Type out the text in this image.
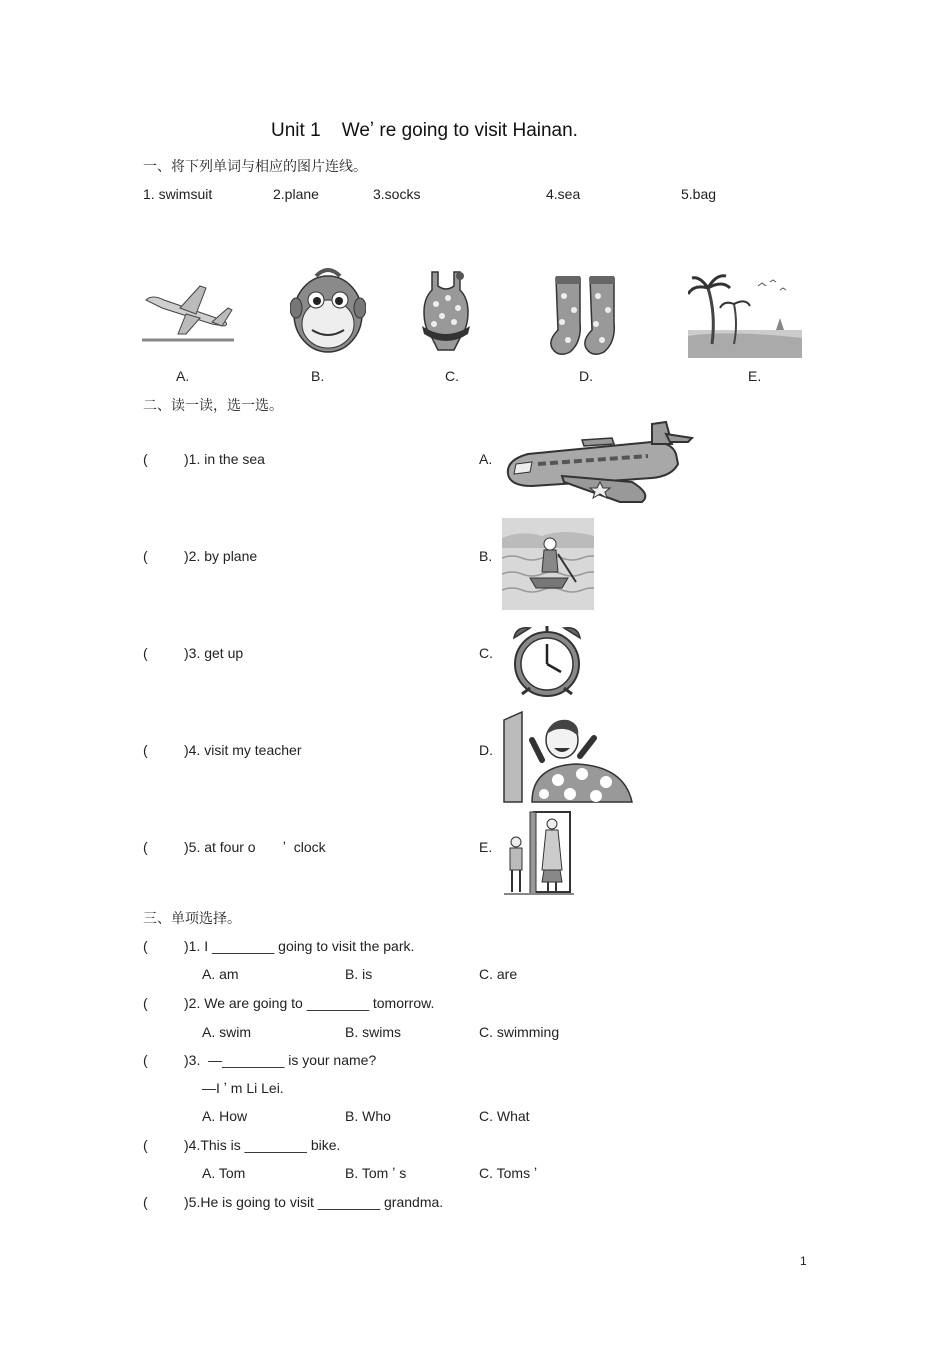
Unit 1    Weʼ re going to visit Hainan.
一、将下列单词与相应的图片连线。
1. swimsuit	2.plane	3.socks	4.sea	5.bag
A.	B.	C.	D.	E.
二、读一读，选一选。
(	)1. in the sea
(	)2. by plane
(	)3. get up
(	)4. visit my teacher
(	)5. at four o       ʼ  clock
A.
B.
C.
D.
E.
三、单项选择。
(	)1. I ________ going to visit the park.
A. am	B. is	C. are
(	)2. We are going to ________ tomorrow.
A. swim	B. swims	C. swimming
(	)3.  —________ is your name?
—I ʼ m Li Lei.
A. How	B. Who	C. What
(	)4.This is ________ bike.
A. Tom	B. Tom ʼ s	C. Toms ʼ
(	)5.He is going to visit ________ grandma.
1
